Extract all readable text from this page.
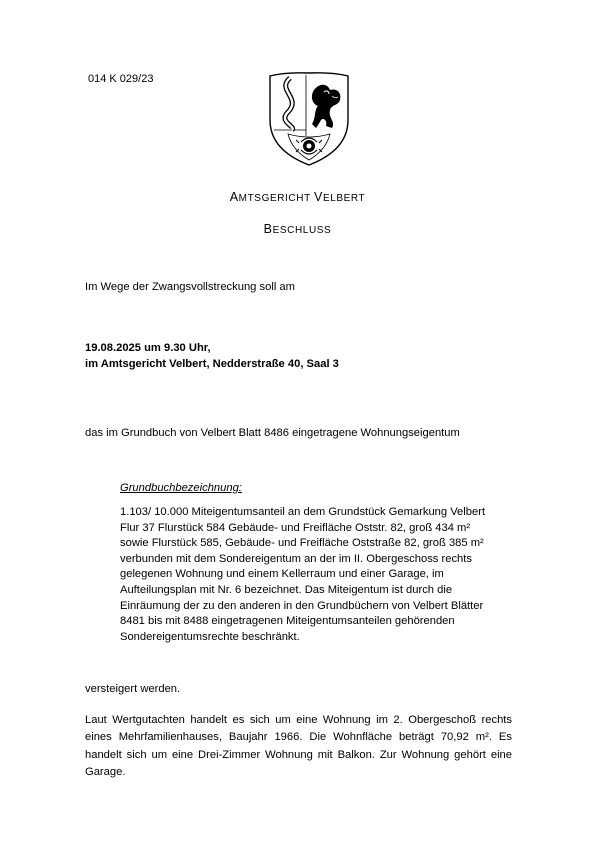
014 K 029/23
AMTSGERICHT VELBERT
BESCHLUSS
Im Wege der Zwangsvollstreckung soll am
19.08.2025 um 9.30 Uhr,
im Amtsgericht Velbert, Nedderstraße 40, Saal 3
das im Grundbuch von Velbert Blatt 8486 eingetragene Wohnungseigentum
Grundbuchbezeichnung:
1.103/ 10.000 Miteigentumsanteil an dem Grundstück Gemarkung Velbert
Flur 37 Flurstück 584 Gebäude- und Freifläche Oststr. 82, groß 434 m²
sowie Flurstück 585, Gebäude- und Freifläche Oststraße 82, groß 385 m²
verbunden mit dem Sondereigentum an der im II. Obergeschoss rechts
gelegenen Wohnung und einem Kellerraum und einer Garage, im
Aufteilungsplan mit Nr. 6 bezeichnet. Das Miteigentum ist durch die
Einräumung der zu den anderen in den Grundbüchern von Velbert Blätter
8481 bis mit 8488 eingetragenen Miteigentumsanteilen gehörenden
Sondereigentumsrechte beschränkt.
versteigert werden.
Laut Wertgutachten handelt es sich um eine Wohnung im 2. Obergeschoß rechts eines Mehrfamilienhauses, Baujahr 1966. Die Wohnfläche beträgt 70,92 m². Es handelt sich um eine Drei-Zimmer Wohnung mit Balkon. Zur Wohnung gehört eine Garage.
